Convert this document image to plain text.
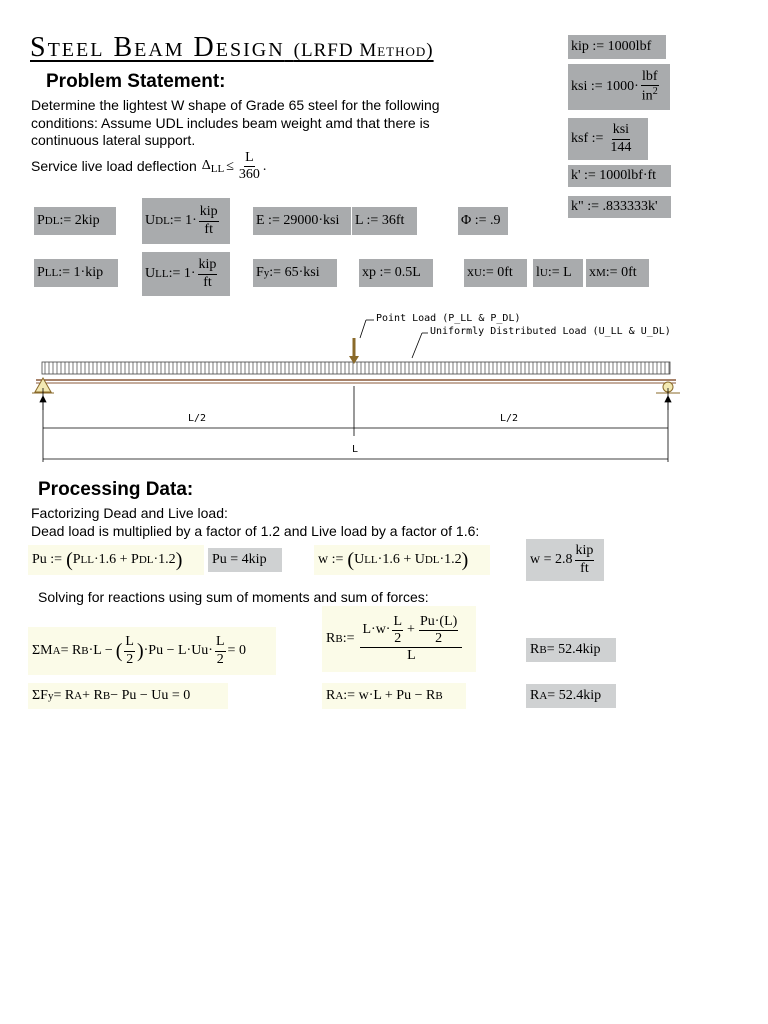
Steel Beam Design (LRFD Method)
Problem Statement:
Determine the lightest W shape of Grade 65 steel for the following
conditions: Assume UDL includes beam weight amd that there is
continuous lateral support.
Service live load deflection $\Delta_{LL} \le \frac{L}{360}$ .
kip := 1000lbf
ksi := $1000\cdot \frac{\text{lbf}}{in^2}$
ksf := $\frac{\text{ksi}}{144}$
k' := 1000lbf·ft
k" := .833333k'
P DL := 2kip	U DL := $1\cdot \frac{\text{kip}}{ft}$	E := 29000·ksi	L := 36ft	Φ := .9
P LL := 1·kip	U LL := $1\cdot \frac{\text{kip}}{ft}$	F y := 65·ksi	xp := 0.5L	x U := 0ft l U := L x M := 0ft
Point Load (P_LL & P_DL)
Uniformly Distributed Load (U_LL & U_DL)
L/2	L/2
L
Processing Data:
Factorizing Dead and Live load:
Dead load is multiplied by a factor of 1.2 and Live load by a factor of 1.6:
Pu := ( P LL ·1.6 + P DL ·1.2 ) Pu = 4kip	w := ( U LL ·1.6 + U DL ·1.2 )	$w = 2.8 \frac{\text{kip}}{ft}$
Solving for reactions using sum of moments and sum of forces:
ΣM A = R B ·L − ( $\frac{L}{2}$ ) $\cdot Pu - L\cdot Uu\cdot \frac{L}{2} = 0$
R B := $\frac{L\cdot w\cdot \frac{L}{2} + \frac{Pu\cdot(L)}{2}}{L}$	R B = 52.4kip
ΣF y = R A + R B − Pu − Uu = 0	R A := w·L + Pu − R B	R A = 52.4kip
